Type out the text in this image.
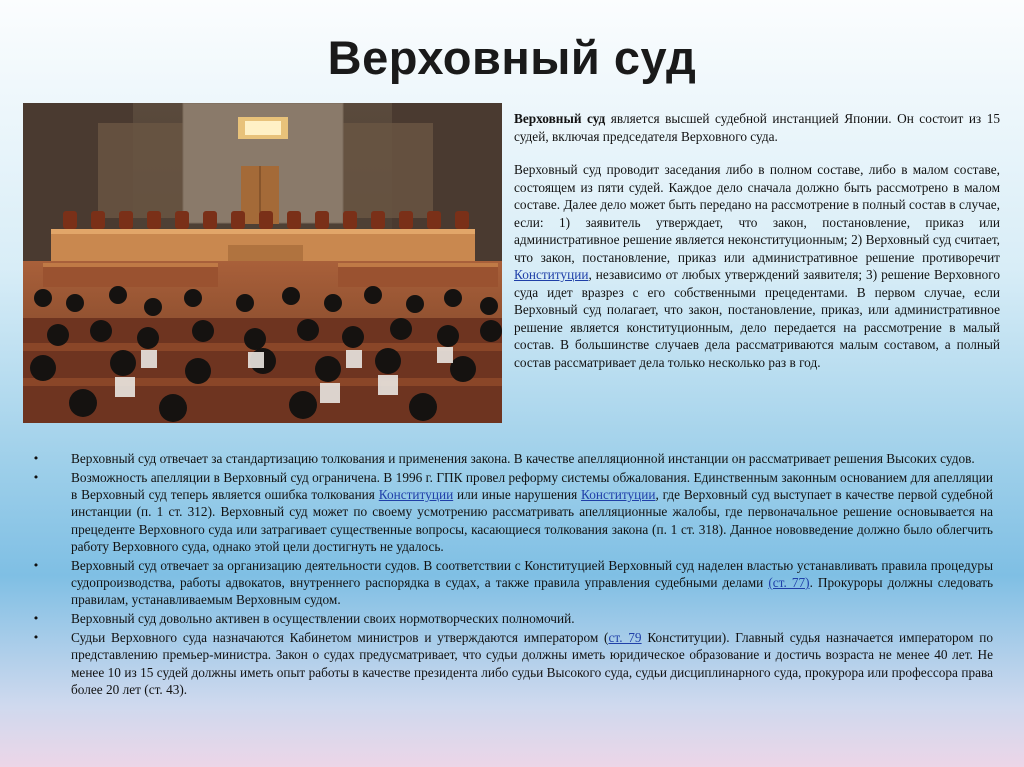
Верховный суд

Верховный суд является высшей судебной инстанцией Японии. Он состоит из 15 судей, включая председателя Верховного суда.

Верховный суд проводит заседания либо в полном составе, либо в малом составе, состоящем из пяти судей. Каждое дело сначала должно быть рассмотрено в малом составе. Далее дело может быть передано на рассмотрение в полный состав в случае, если: 1) заявитель утверждает, что закон, постановление, приказ или административное решение является неконституционным; 2) Верховный суд считает, что закон, постановление, приказ или административное решение противоречит Конституции, независимо от любых утверждений заявителя; 3) решение Верховного суда идет вразрез с его собственными прецедентами. В первом случае, если Верховный суд полагает, что закон, постановление, приказ, или административное решение является конституционным, дело передается на рассмотрение в малый состав. В большинстве случаев дела рассматриваются малым составом, а полный состав рассматривает дела только несколько раз в год.

• Верховный суд отвечает за стандартизацию толкования и применения закона. В качестве апелляционной инстанции он рассматривает решения Высоких судов.
• Возможность апелляции в Верховный суд ограничена. В 1996 г. ГПК провел реформу системы обжалования. Единственным законным основанием для апелляции в Верховный суд теперь является ошибка толкования Конституции или иные нарушения Конституции, где Верховный суд выступает в качестве первой судебной инстанции (п. 1 ст. 312). Верховный суд может по своему усмотрению рассматривать апелляционные жалобы, где первоначальное решение основывается на прецеденте Верховного суда или затрагивает существенные вопросы, касающиеся толкования закона (п. 1 ст. 318). Данное нововведение должно было облегчить работу Верховного суда, однако этой цели достигнуть не удалось.
• Верховный суд отвечает за организацию деятельности судов. В соответствии с Конституцией Верховный суд наделен властью устанавливать правила процедуры судопроизводства, работы адвокатов, внутреннего распорядка в судах, а также правила управления судебными делами (ст. 77). Прокуроры должны следовать правилам, устанавливаемым Верховным судом.
• Верховный суд довольно активен в осуществлении своих нормотворческих полномочий.
• Судьи Верховного суда назначаются Кабинетом министров и утверждаются императором (ст. 79 Конституции). Главный судья назначается императором по представлению премьер-министра. Закон о судах предусматривает, что судьи должны иметь юридическое образование и достичь возраста не менее 40 лет. Не менее 10 из 15 судей должны иметь опыт работы в качестве президента либо судьи Высокого суда, судьи дисциплинарного суда, прокурора или профессора права более 20 лет (ст. 43).
